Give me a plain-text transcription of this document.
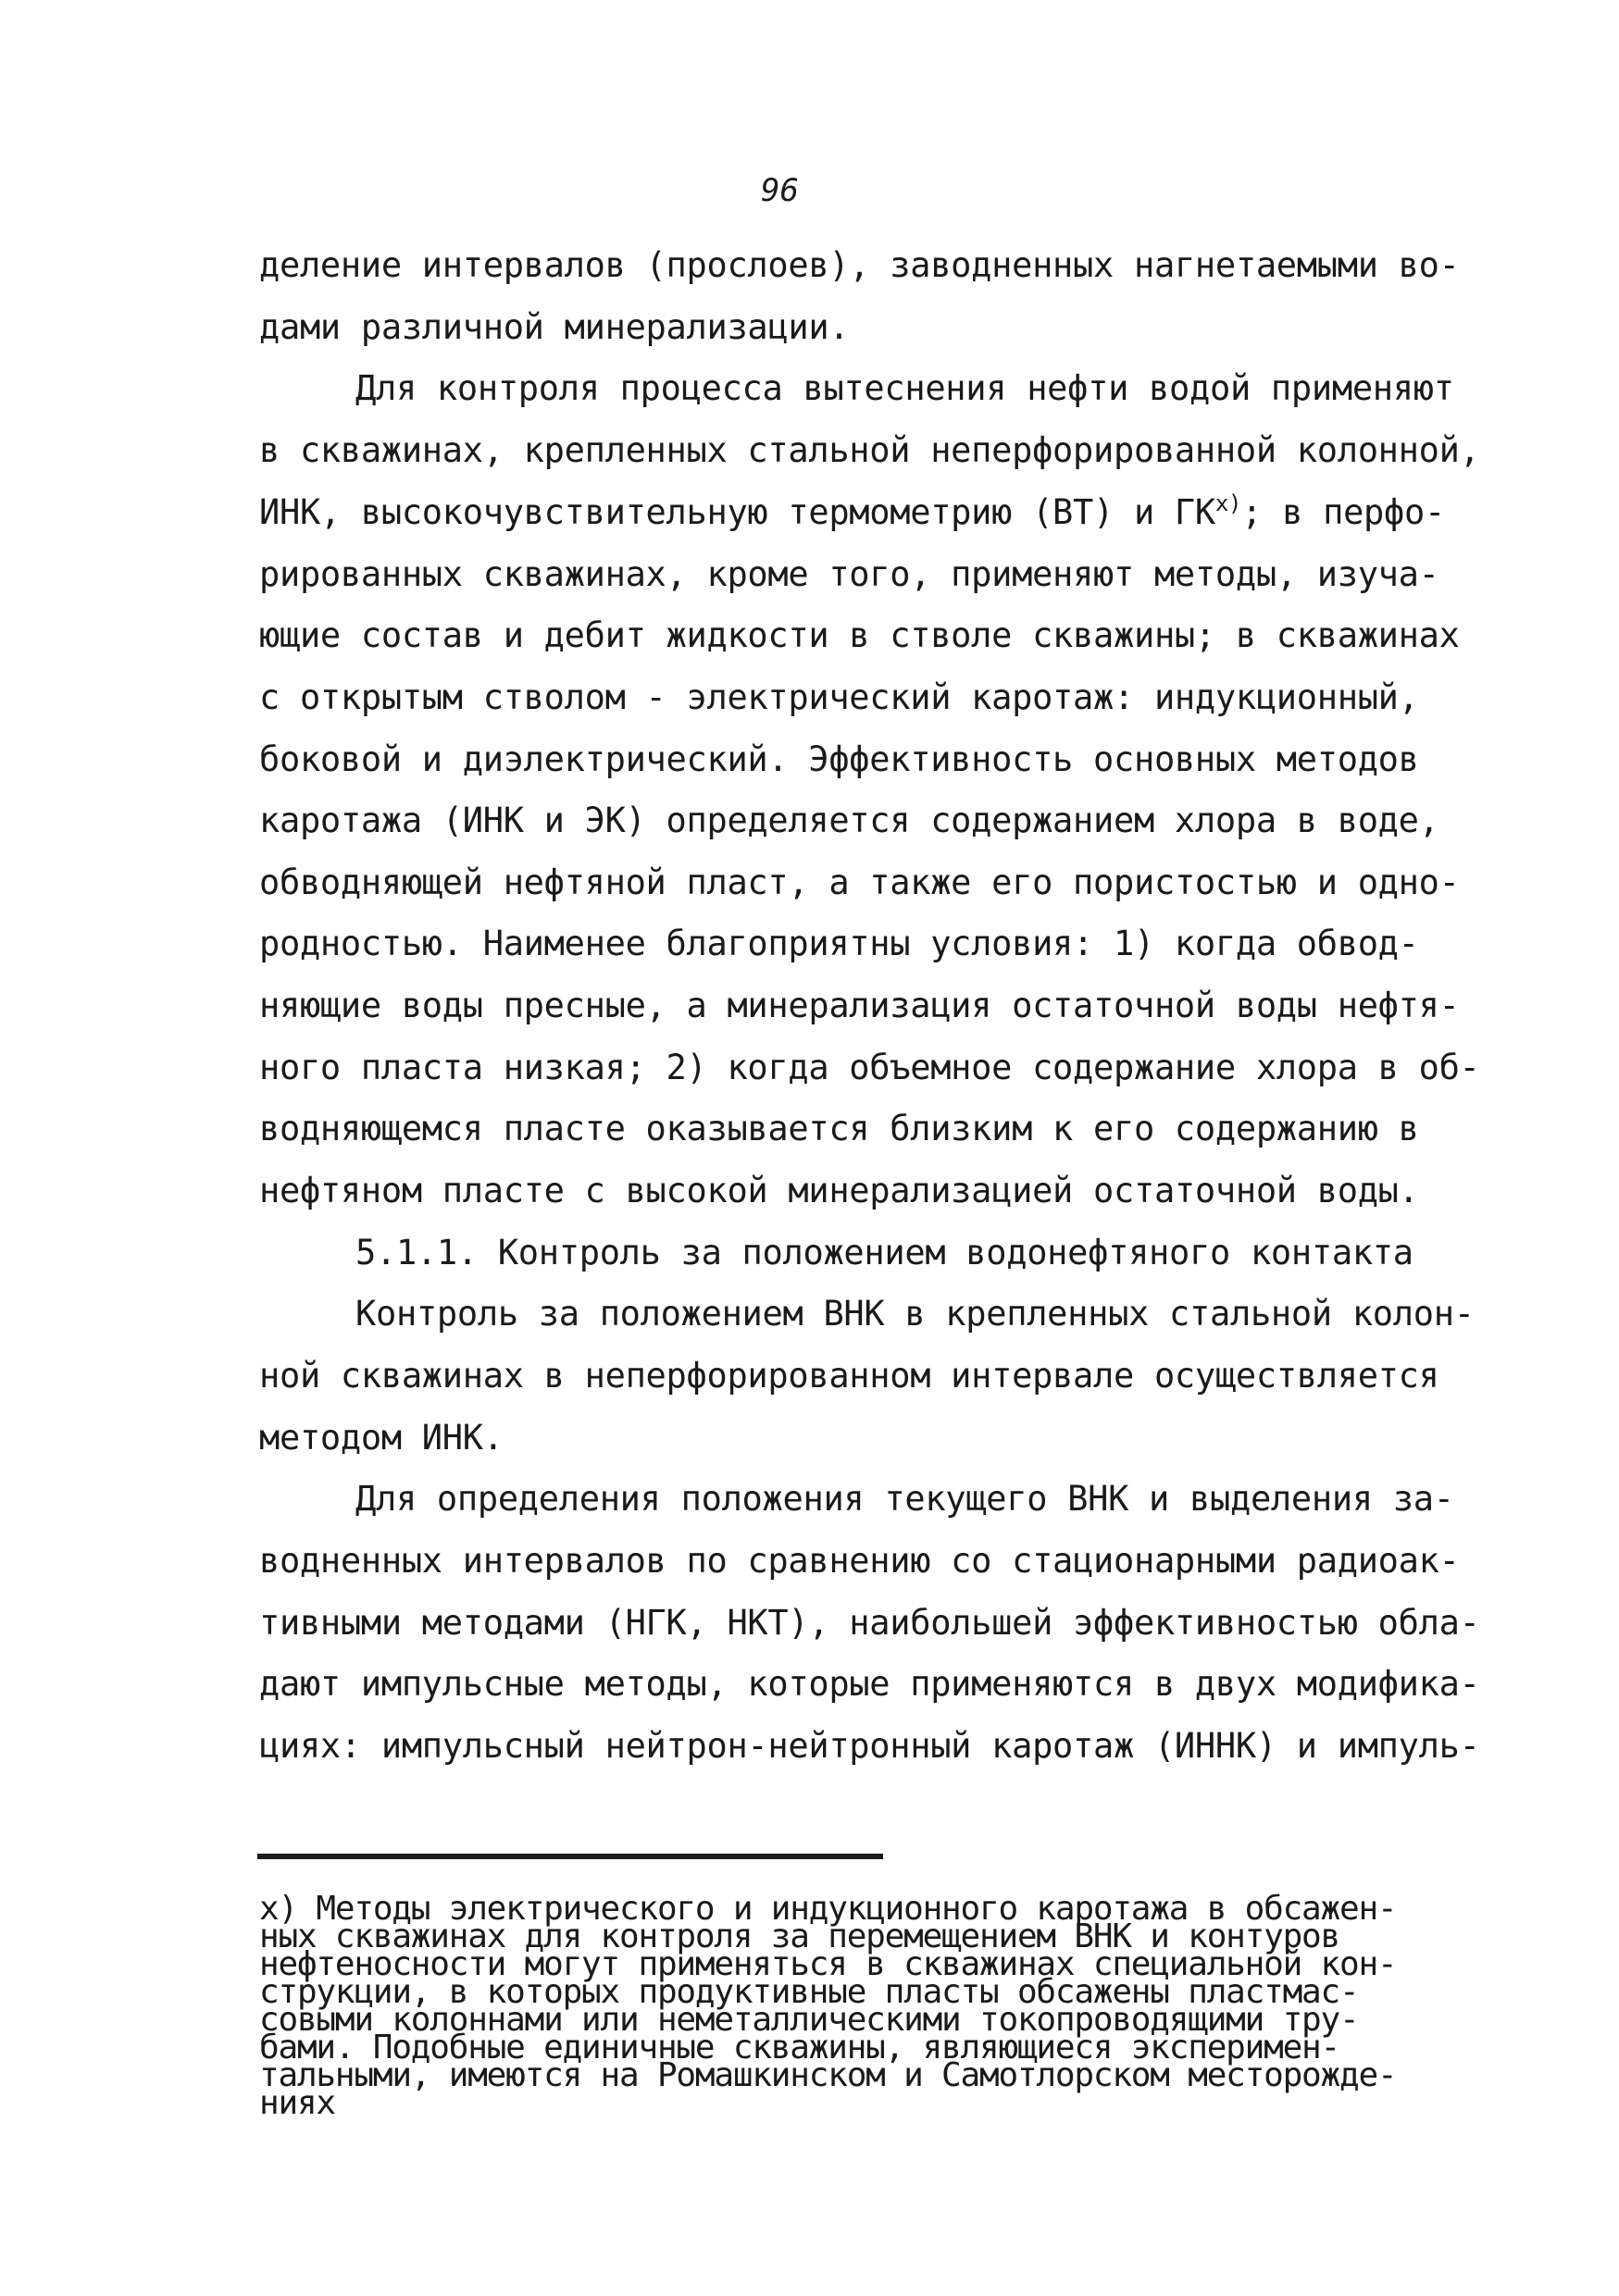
96
деление интервалов (прослоев), заводненных нагнетаемыми во-
дами различной минерализации.
Для контроля процесса вытеснения нефти водой применяют
в скважинах, крепленных стальной неперфорированной колонной,
ИНК, высокочувствительную термометрию (ВТ) и ГК$^{x)}$; в перфо-
рированных скважинах, кроме того, применяют методы, изуча-
ющие состав и дебит жидкости в стволе скважины; в скважинах
с открытым стволом - электрический каротаж: индукционный,
боковой и диэлектрический. Эффективность основных методов
каротажа (ИНК и ЭК) определяется содержанием хлора в воде,
обводняющей нефтяной пласт, а также его пористостью и одно-
родностью. Наименее благоприятны условия: 1) когда обвод-
няющие воды пресные, а минерализация остаточной воды нефтя-
ного пласта низкая; 2) когда объемное содержание хлора в об-
водняющемся пласте оказывается близким к его содержанию в
нефтяном пласте с высокой минерализацией остаточной воды.
5.1.1. Контроль за положением водонефтяного контакта
Контроль за положением ВНК в крепленных стальной колон-
ной скважинах в неперфорированном интервале осуществляется
методом ИНК.
Для определения положения текущего ВНК и выделения за-
водненных интервалов по сравнению со стационарными радиоак-
тивными методами (НГК, НКТ), наибольшей эффективностью обла-
дают импульсные методы, которые применяются в двух модифика-
циях: импульсный нейтрон-нейтронный каротаж (ИННК) и импуль-
x) Методы электрического и индукционного каротажа в обсажен-
ных скважинах для контроля за перемещением ВНК и контуров
нефтеносности могут применяться в скважинах специальной кон-
струкции, в которых продуктивные пласты обсажены пластмас-
совыми колоннами или неметаллическими токопроводящими тру-
бами. Подобные единичные скважины, являющиеся эксперимен-
тальными, имеются на Ромашкинском и Самотлорском месторожде-
ниях
